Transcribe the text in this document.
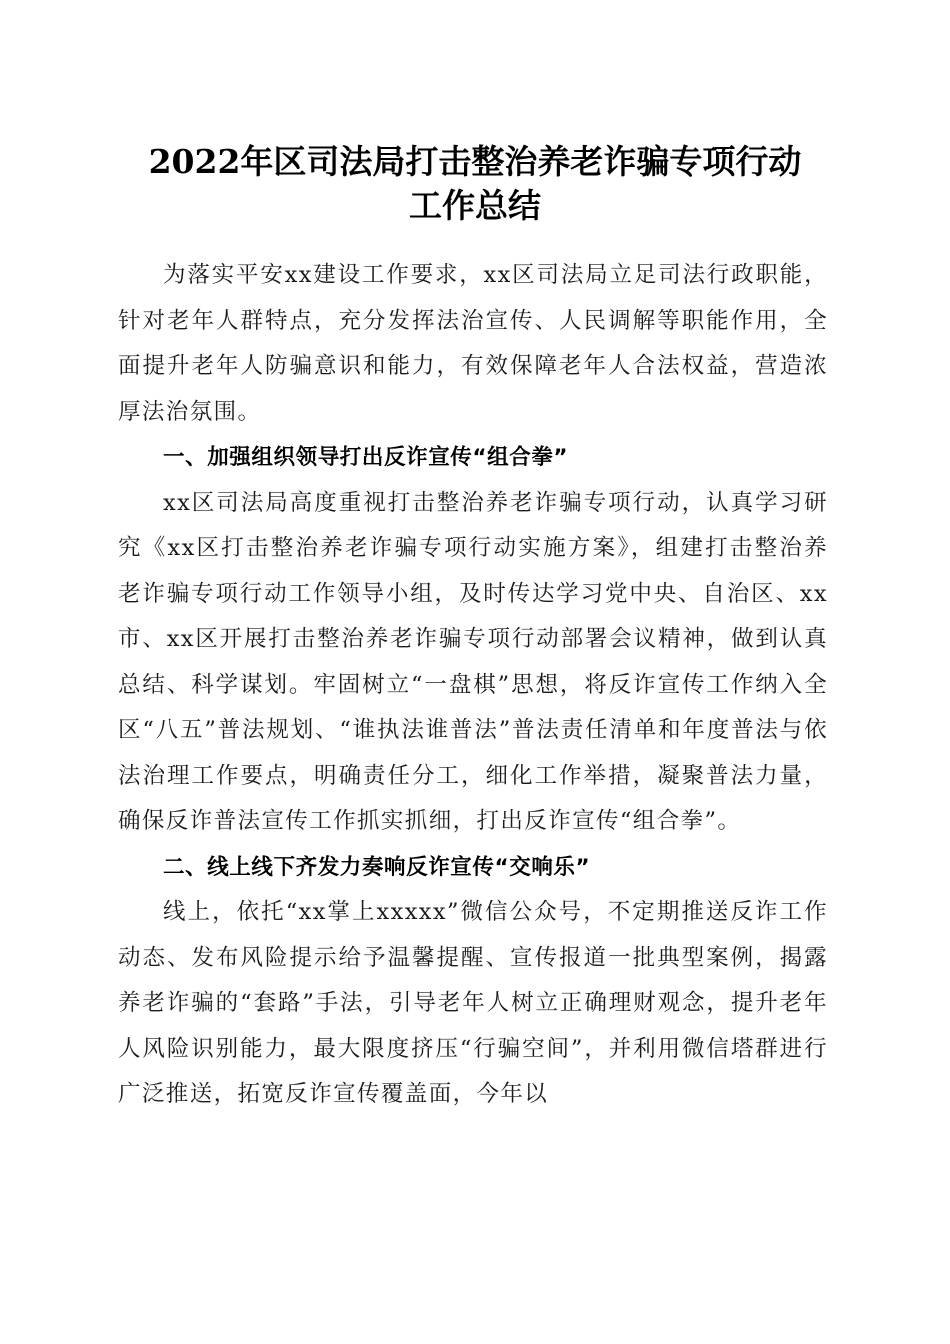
2022年区司法局打击整治养老诈骗专项行动
工作总结

为落实平安xx建设工作要求，xx区司法局立足司法行政职能，针对老年人群特点，充分发挥法治宣传、人民调解等职能作用，全面提升老年人防骗意识和能力，有效保障老年人合法权益，营造浓厚法治氛围。

一、加强组织领导打出反诈宣传“组合拳”

xx区司法局高度重视打击整治养老诈骗专项行动，认真学习研究《xx区打击整治养老诈骗专项行动实施方案》，组建打击整治养老诈骗专项行动工作领导小组，及时传达学习党中央、自治区、xx市、xx区开展打击整治养老诈骗专项行动部署会议精神，做到认真总结、科学谋划。牢固树立“一盘棋”思想，将反诈宣传工作纳入全区“八五”普法规划、“谁执法谁普法”普法责任清单和年度普法与依法治理工作要点，明确责任分工，细化工作举措，凝聚普法力量，确保反诈普法宣传工作抓实抓细，打出反诈宣传“组合拳”。

二、线上线下齐发力奏响反诈宣传“交响乐”

线上，依托“xx掌上xxxxx”微信公众号，不定期推送反诈工作动态、发布风险提示给予温馨提醒、宣传报道一批典型案例，揭露养老诈骗的“套路”手法，引导老年人树立正确理财观念，提升老年人风险识别能力，最大限度挤压“行骗空间”，并利用微信塔群进行广泛推送，拓宽反诈宣传覆盖面，今年以
